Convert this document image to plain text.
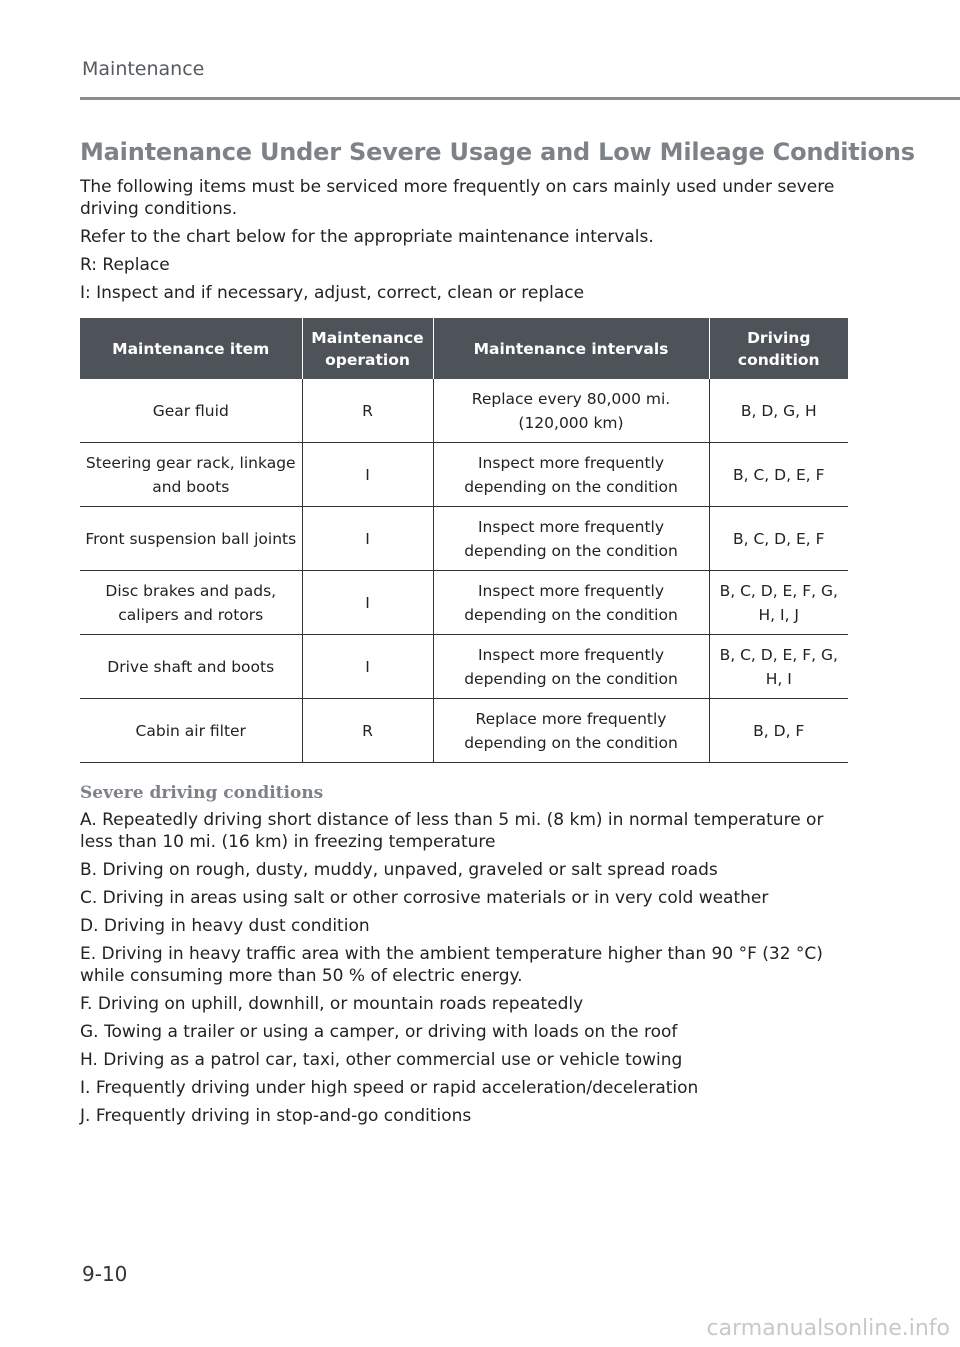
Maintenance
Maintenance Under Severe Usage and Low Mileage Conditions

The following items must be serviced more frequently on cars mainly used under severe driving conditions.

Refer to the chart below for the appropriate maintenance intervals.

R: Replace

I: Inspect and if necessary, adjust, correct, clean or replace

Maintenance item	Maintenance operation	Maintenance intervals	Driving condition
Gear fluid	R	Replace every 80,000 mi.(120,000 km)	B, D, G, H
Steering gear rack, linkage and boots	I	Inspect more frequently depending on the condition	B, C, D, E, F
Front suspension ball joints	I	Inspect more frequently depending on the condition	B, C, D, E, F
Disc brakes and pads, calipers and rotors	I	Inspect more frequently depending on the condition	B, C, D, E, F, G, H, I, J
Drive shaft and boots	I	Inspect more frequently depending on the condition	B, C, D, E, F, G, H, I
Cabin air filter	R	Replace more frequently depending on the condition	B, D, F
Severe driving conditions

A. Repeatedly driving short distance of less than 5 mi. (8 km) in normal temperature or less than 10 mi. (16 km) in freezing temperature

B. Driving on rough, dusty, muddy, unpaved, graveled or salt spread roads

C. Driving in areas using salt or other corrosive materials or in very cold weather

D. Driving in heavy dust condition

E. Driving in heavy traffic area with the ambient temperature higher than 90 °F (32 °C) while consuming more than 50 % of electric energy.

F. Driving on uphill, downhill, or mountain roads repeatedly

G. Towing a trailer or using a camper, or driving with loads on the roof

H. Driving as a patrol car, taxi, other commercial use or vehicle towing

I. Frequently driving under high speed or rapid acceleration/deceleration

J. Frequently driving in stop-and-go conditions

9-10
carmanualsonline.info
